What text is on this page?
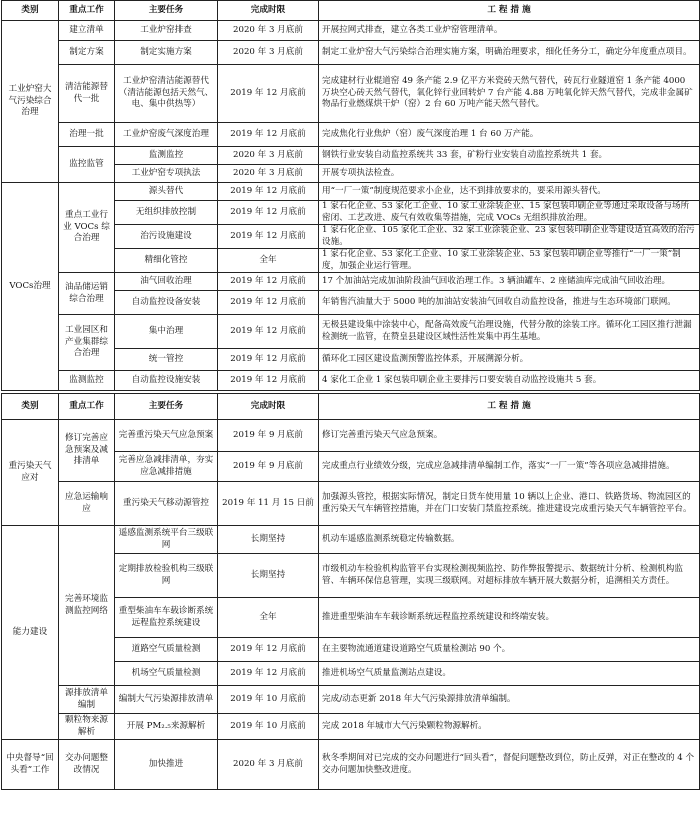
类别	重点工作	主要任务	完成时限	工 程 措 施
工业炉窑大气污染综合治理	建立清单	工业炉窑排查	2020 年 3 月底前	开展拉网式排查，建立各类工业炉窑管理清单。
	制定方案	制定实施方案	2020 年 3 月底前	制定工业炉窑大气污染综合治理实施方案，明确治理要求，细化任务分工，确定分年度重点项目。
	清洁能源替代一批	工业炉窑清洁能源替代（清洁能源包括天然气、电、集中供热等）	2019 年 12 月底前	完成建材行业辊道窑 49 条产能 2.9 亿平方米瓷砖天然气替代，砖瓦行业隧道窑 1 条产能 4000 万块空心砖天然气替代，氧化锌行业回转炉 7 台产能 4.88 万吨氧化锌天然气替代，完成非金属矿物品行业燃煤烘干炉（窑）2 台 60 万吨产能天然气替代。
	治理一批	工业炉窑废气深度治理	2019 年 12 月底前	完成焦化行业焦炉（窑）废气深度治理 1 台 60 万产能。
	监控监管	监测监控	2020 年 3 月底前	钢铁行业安装自动监控系统共 33 套，矿粉行业安装自动监控系统共 1 套。
		工业炉窑专项执法	2020 年 3 月底前	开展专项执法检查。
VOCs治理	重点工业行业 VOCs 综合治理	源头替代	2019 年 12 月底前	用“一厂一策”制度规范要求小企业，达不到排放要求的，要采用源头替代。
		无组织排放控制	2019 年 12 月底前	1 家石化企业、53 家化工企业、10 家工业涂装企业、15 家包装印刷企业等通过采取设备与场所密闭、工艺改进、废气有效收集等措施，完成 VOCs 无组织排放治理。
		治污设施建设	2019 年 12 月底前	1 家石化企业、105 家化工企业、32 家工业涂装企业、23 家包装印刷企业等建设适宜高效的治污设施。
		精细化管控	全年	1 家石化企业、53 家化工企业、10 家工业涂装企业、53 家包装印刷企业等推行“一厂一策”制度，加强企业运行管理。
	油品储运销综合治理	油气回收治理	2019 年 12 月底前	17 个加油站完成加油阶段油气回收治理工作。3 辆油罐车、2 座储油库完成油气回收治理。
		自动监控设备安装	2019 年 12 月底前	年销售汽油量大于 5000 吨的加油站安装油气回收自动监控设备，推进与生态环境部门联网。
	工业园区和产业集群综合治理	集中治理	2019 年 12 月底前	无极县建设集中涂装中心，配备高效废气治理设施，代替分散的涂装工序。循环化工园区推行泄漏检测统一监管，在赞皇县建设区域性活性炭集中再生基地。
		统一管控	2019 年 12 月底前	循环化工园区建设监测预警监控体系，开展溯源分析。
	监测监控	自动监控设施安装	2019 年 12 月底前	4 家化工企业 1 家包装印刷企业主要排污口要安装自动监控设施共 5 套。
类别	重点工作	主要任务	完成时限	工 程 措 施
重污染天气应对	修订完善应急预案及减排清单	完善重污染天气应急预案	2019 年 9 月底前	修订完善重污染天气应急预案。
		完善应急减排清单，夯实应急减排措施	2019 年 9 月底前	完成重点行业绩效分级，完成应急减排清单编制工作，落实“一厂一策”等各项应急减排措施。
	应急运输响应	重污染天气移动源管控	2019 年 11 月 15 日前	加强源头管控，根据实际情况，制定日货车使用量 10 辆以上企业、港口、铁路货场、物流园区的重污染天气车辆管控措施，并在门口安装门禁监控系统。推进建设完成重污染天气车辆管控平台。
能力建设	完善环境监测监控网络	遥感监测系统平台三级联网	长期坚持	机动车遥感监测系统稳定传输数据。
		定期排放检验机构三级联网	长期坚持	市级机动车检验机构监管平台实现检测视频监控、防作弊报警提示、数据统计分析、检测机构监管、车辆环保信息管理，实现三级联网。对超标排放车辆开展大数据分析，追溯相关方责任。
		重型柴油车车载诊断系统远程监控系统建设	全年	推进重型柴油车车载诊断系统远程监控系统建设和终端安装。
		道路空气质量检测	2019 年 12 月底前	在主要物流通道建设道路空气质量检测站 90 个。
		机场空气质量检测	2019 年 12 月底前	推进机场空气质量监测站点建设。
	源排放清单编制	编制大气污染源排放清单	2019 年 10 月底前	完成/动态更新 2018 年大气污染源排放清单编制。
	颗粒物来源解析	开展 PM₂.₅来源解析	2019 年 10 月底前	完成 2018 年城市大气污染颗粒物源解析。
中央督导“回头看”工作	交办问题整改情况	加快推进	2020 年 3 月底前	秋冬季期间对已完成的交办问题进行“回头看”，督促问题整改到位，防止反弹，对正在整改的 4 个交办问题加快整改进度。
